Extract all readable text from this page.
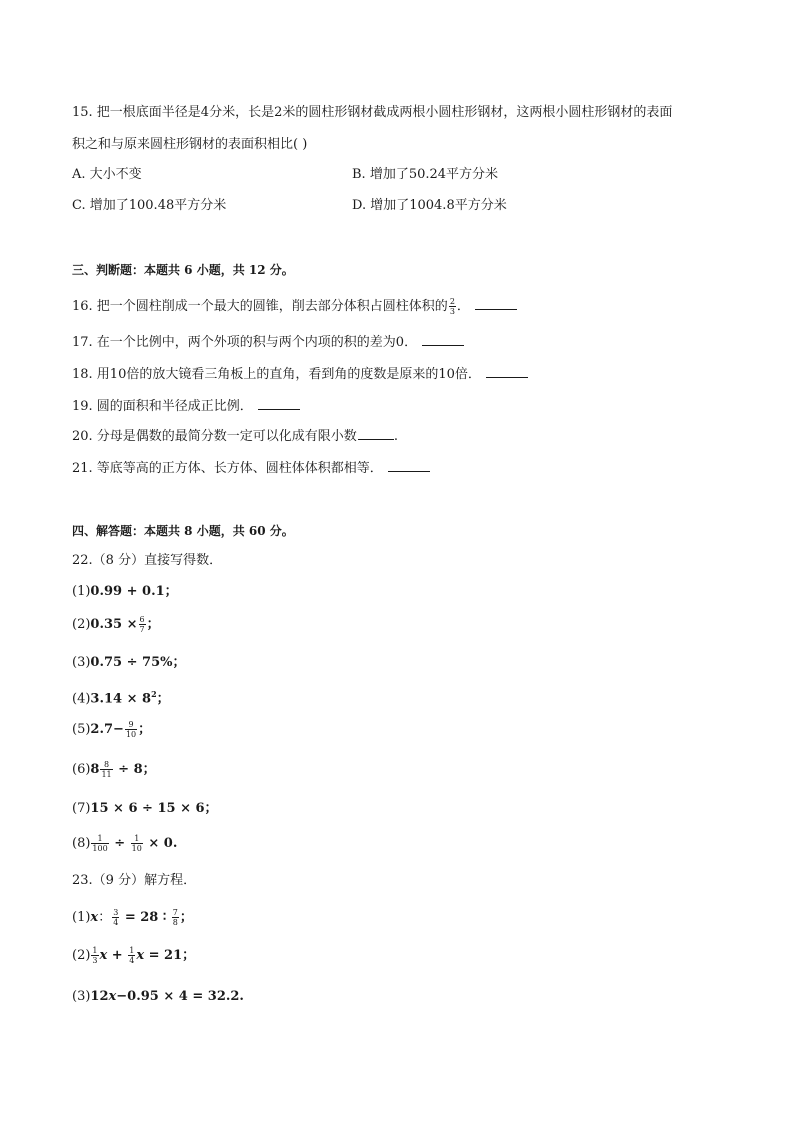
15. 把一根底面半径是4分米，长是2米的圆柱形钢材截成两根小圆柱形钢材，这两根小圆柱形钢材的表面
积之和与原来圆柱形钢材的表面积相比( )
A. 大小不变	B. 增加了50.24平方分米
C. 增加了100.48平方分米	D. 增加了1004.8平方分米
三、判断题：本题共 6 小题，共 12 分。
16. 把一个圆柱削成一个最大的圆锥，削去部分体积占圆柱体积的 $\frac{2}{3}$ ．
17. 在一个比例中，两个外项的积与两个内项的积的差为0．
18. 用10倍的放大镜看三角板上的直角，看到角的度数是原来的10倍．
19. 圆的面积和半径成正比例．
20. 分母是偶数的最简分数一定可以化成有限小数	.
21. 等底等高的正方体、长方体、圆柱体体积都相等．
四、解答题：本题共 8 小题，共 60 分。
22.（8 分）直接写得数．
(1)0.99 + 0.1；
$(2)0.35 \times \frac{6}{7}$ ；
(3)0.75 ÷ 75%；
$(4)3.14 \times 8^2$；
$(5)2.7- \frac{9}{10}$ ；
$(6)8 \frac{8}{11} \div 8$；
(7)15 × 6 ÷ 15 × 6；
$(8) \frac{1}{100} \div \frac{1}{10} \times 0$.
23.（9 分）解方程．
(1)x： $\frac{3}{4} = 28$ ∶ $\frac{7}{8}$ ；
$(2) \frac{1}{3}$ $x + \frac{1}{4}$ x = 21；
(3)12x−0.95 × 4 = 32.2.
